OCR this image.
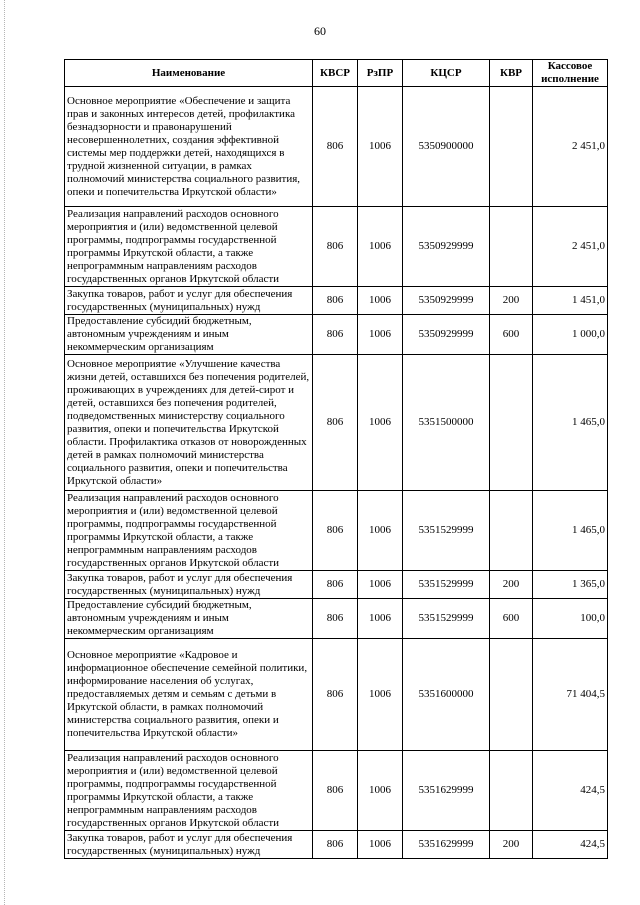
60
Наименование	КВСР	РзПР	КЦСР	КВР	Кассовое исполнение
Основное мероприятие «Обеспечение и защита прав и законных интересов детей, профилактика безнадзорности и правонарушений несовершеннолетних, создания эффективной системы мер поддержки детей, находящихся в трудной жизненной ситуации, в рамках полномочий министерства социального развития, опеки и попечительства Иркутской области»	806	1006	5350900000		2 451,0
Реализация направлений расходов основного мероприятия и (или) ведомственной целевой программы, подпрограммы государственной программы Иркутской области, а также непрограммным направлениям расходов государственных органов Иркутской области	806	1006	5350929999		2 451,0
Закупка товаров, работ и услуг для обеспечения государственных (муниципальных) нужд	806	1006	5350929999	200	1 451,0
Предоставление субсидий бюджетным, автономным учреждениям и иным некоммерческим организациям	806	1006	5350929999	600	1 000,0
Основное мероприятие «Улучшение качества жизни детей, оставшихся без попечения родителей, проживающих в учреждениях для детей-сирот и детей, оставшихся без попечения родителей, подведомственных министерству социального развития, опеки и попечительства Иркутской области. Профилактика отказов от новорожденных детей в рамках полномочий министерства социального развития, опеки и попечительства Иркутской области»	806	1006	5351500000		1 465,0
Реализация направлений расходов основного мероприятия и (или) ведомственной целевой программы, подпрограммы государственной программы Иркутской области, а также непрограммным направлениям расходов государственных органов Иркутской области	806	1006	5351529999		1 465,0
Закупка товаров, работ и услуг для обеспечения государственных (муниципальных) нужд	806	1006	5351529999	200	1 365,0
Предоставление субсидий бюджетным, автономным учреждениям и иным некоммерческим организациям	806	1006	5351529999	600	100,0
Основное мероприятие «Кадровое и информационное обеспечение семейной политики, информирование населения об услугах, предоставляемых детям и семьям с детьми в Иркутской области, в рамках полномочий министерства социального развития, опеки и попечительства Иркутской области»	806	1006	5351600000		71 404,5
Реализация направлений расходов основного мероприятия и (или) ведомственной целевой программы, подпрограммы государственной программы Иркутской области, а также непрограммным направлениям расходов государственных органов Иркутской области	806	1006	5351629999		424,5
Закупка товаров, работ и услуг для обеспечения государственных (муниципальных) нужд	806	1006	5351629999	200	424,5
